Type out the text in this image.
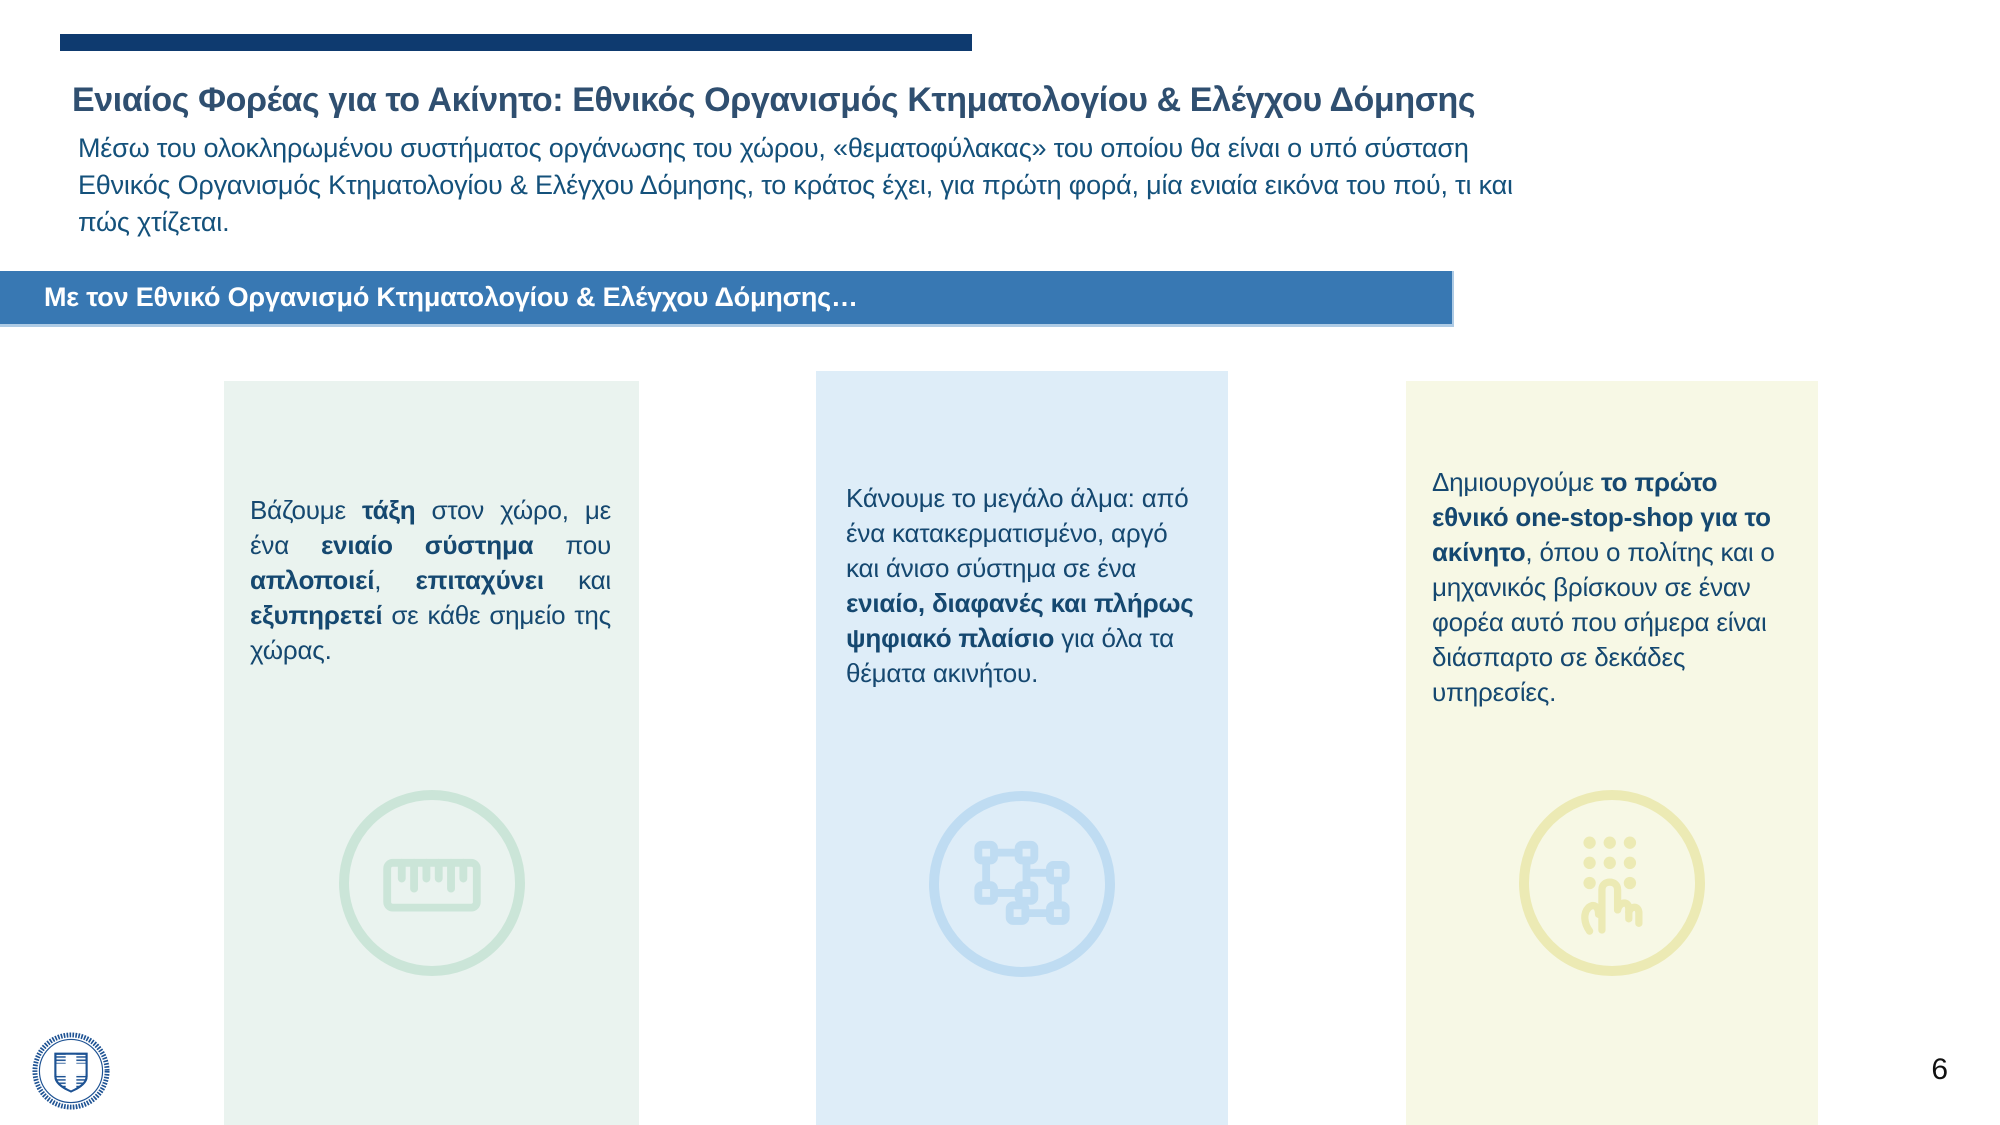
Ενιαίος Φορέας για το Ακίνητο: Εθνικός Οργανισμός Κτηματολογίου & Ελέγχου Δόμησης

Μέσω του ολοκληρωμένου συστήματος οργάνωσης του χώρου, «θεματοφύλακας» του οποίου θα είναι ο υπό σύσταση Εθνικός Οργανισμός Κτηματολογίου & Ελέγχου Δόμησης, το κράτος έχει, για πρώτη φορά, μία ενιαία εικόνα του πού, τι και πώς χτίζεται.

Με τον Εθνικό Οργανισμό Κτηματολογίου & Ελέγχου Δόμησης…

Βάζουμε τάξη στον χώρο, με ένα ενιαίο σύστημα που απλοποιεί, επιταχύνει και εξυπηρετεί σε κάθε σημείο της χώρας.

Κάνουμε το μεγάλο άλμα: από ένα κατακερματισμένο, αργό και άνισο σύστημα σε ένα ενιαίο, διαφανές και πλήρως ψηφιακό πλαίσιο για όλα τα θέματα ακινήτου.

Δημιουργούμε το πρώτο εθνικό one-stop-shop για το ακίνητο, όπου ο πολίτης και ο μηχανικός βρίσκουν σε έναν φορέα αυτό που σήμερα είναι διάσπαρτο σε δεκάδες υπηρεσίες.

6
